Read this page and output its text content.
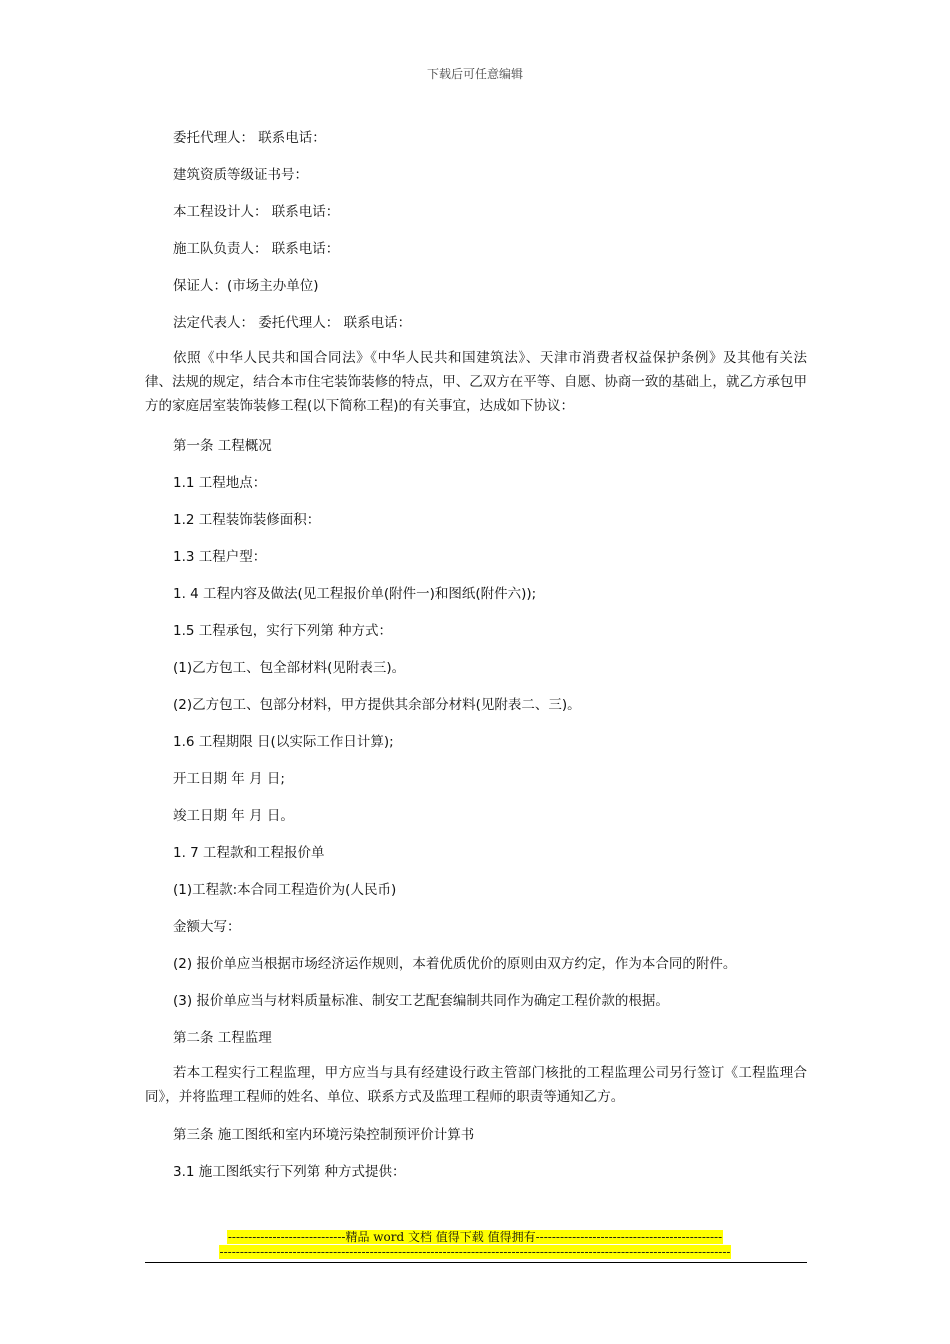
下载后可任意编辑
委托代理人： 联系电话：
建筑资质等级证书号：
本工程设计人： 联系电话：
施工队负责人： 联系电话：
保证人：(市场主办单位)
法定代表人： 委托代理人： 联系电话：
依照《中华人民共和国合同法》《中华人民共和国建筑法》、天津市消费者权益保护条例》及其他有关法律、法规的规定，结合本市住宅装饰装修的特点，甲、乙双方在平等、自愿、协商一致的基础上，就乙方承包甲方的家庭居室装饰装修工程(以下简称工程)的有关事宜，达成如下协议：
第一条 工程概况
1.1 工程地点：
1.2 工程装饰装修面积：
1.3 工程户型：
1. 4 工程内容及做法(见工程报价单(附件一)和图纸(附件六));
1.5 工程承包，实行下列第 种方式：
(1)乙方包工、包全部材料(见附表三)。
(2)乙方包工、包部分材料，甲方提供其余部分材料(见附表二、三)。
1.6 工程期限 日(以实际工作日计算);
开工日期 年 月 日;
竣工日期 年 月 日。
1. 7 工程款和工程报价单
(1)工程款:本合同工程造价为(人民币)
金额大写：
(2) 报价单应当根据市场经济运作规则，本着优质优价的原则由双方约定，作为本合同的附件。
(3) 报价单应当与材料质量标准、制安工艺配套编制共同作为确定工程价款的根据。
第二条 工程监理
若本工程实行工程监理，甲方应当与具有经建设行政主管部门核批的工程监理公司另行签订《工程监理合同》，并将监理工程师的姓名、单位、联系方式及监理工程师的职责等通知乙方。
第三条 施工图纸和室内环境污染控制预评价计算书
3.1 施工图纸实行下列第 种方式提供：
-----------------------------精品 word 文档 值得下载 值得拥有----------------------------------------------
------------------------------------------------------------------------------------------------------------------------------
